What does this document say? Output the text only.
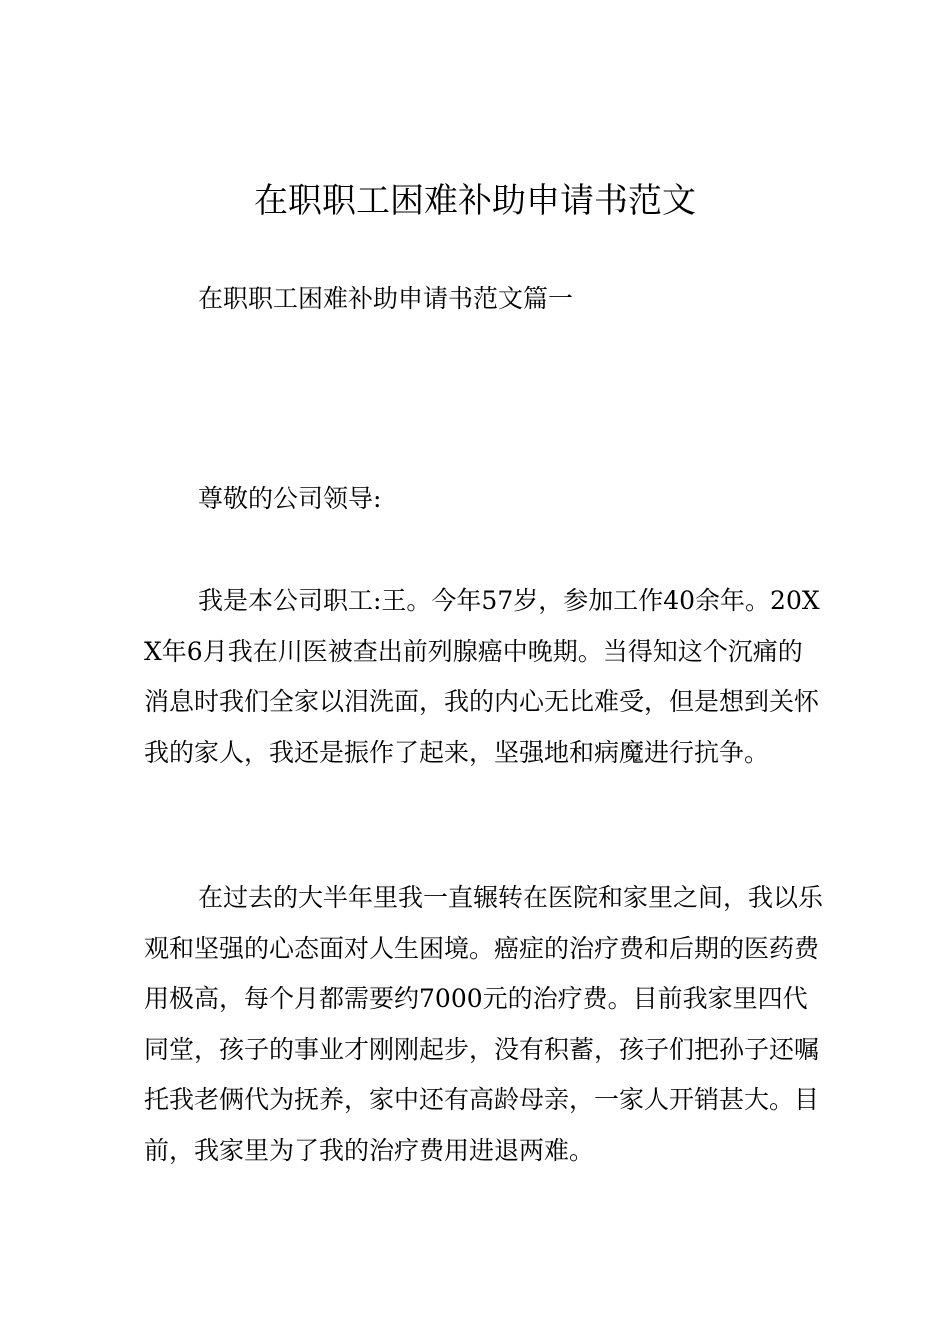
在职职工困难补助申请书范文

在职职工困难补助申请书范文篇一

尊敬的公司领导:

我是本公司职工:王。今年57岁，参加工作40余年。20XX年6月我在川医被查出前列腺癌中晚期。当得知这个沉痛的消息时我们全家以泪洗面，我的内心无比难受，但是想到关怀我的家人，我还是振作了起来，坚强地和病魔进行抗争。

在过去的大半年里我一直辗转在医院和家里之间，我以乐观和坚强的心态面对人生困境。癌症的治疗费和后期的医药费用极高，每个月都需要约7000元的治疗费。目前我家里四代同堂，孩子的事业才刚刚起步，没有积蓄，孩子们把孙子还嘱托我老俩代为抚养，家中还有高龄母亲，一家人开销甚大。目前，我家里为了我的治疗费用进退两难。
